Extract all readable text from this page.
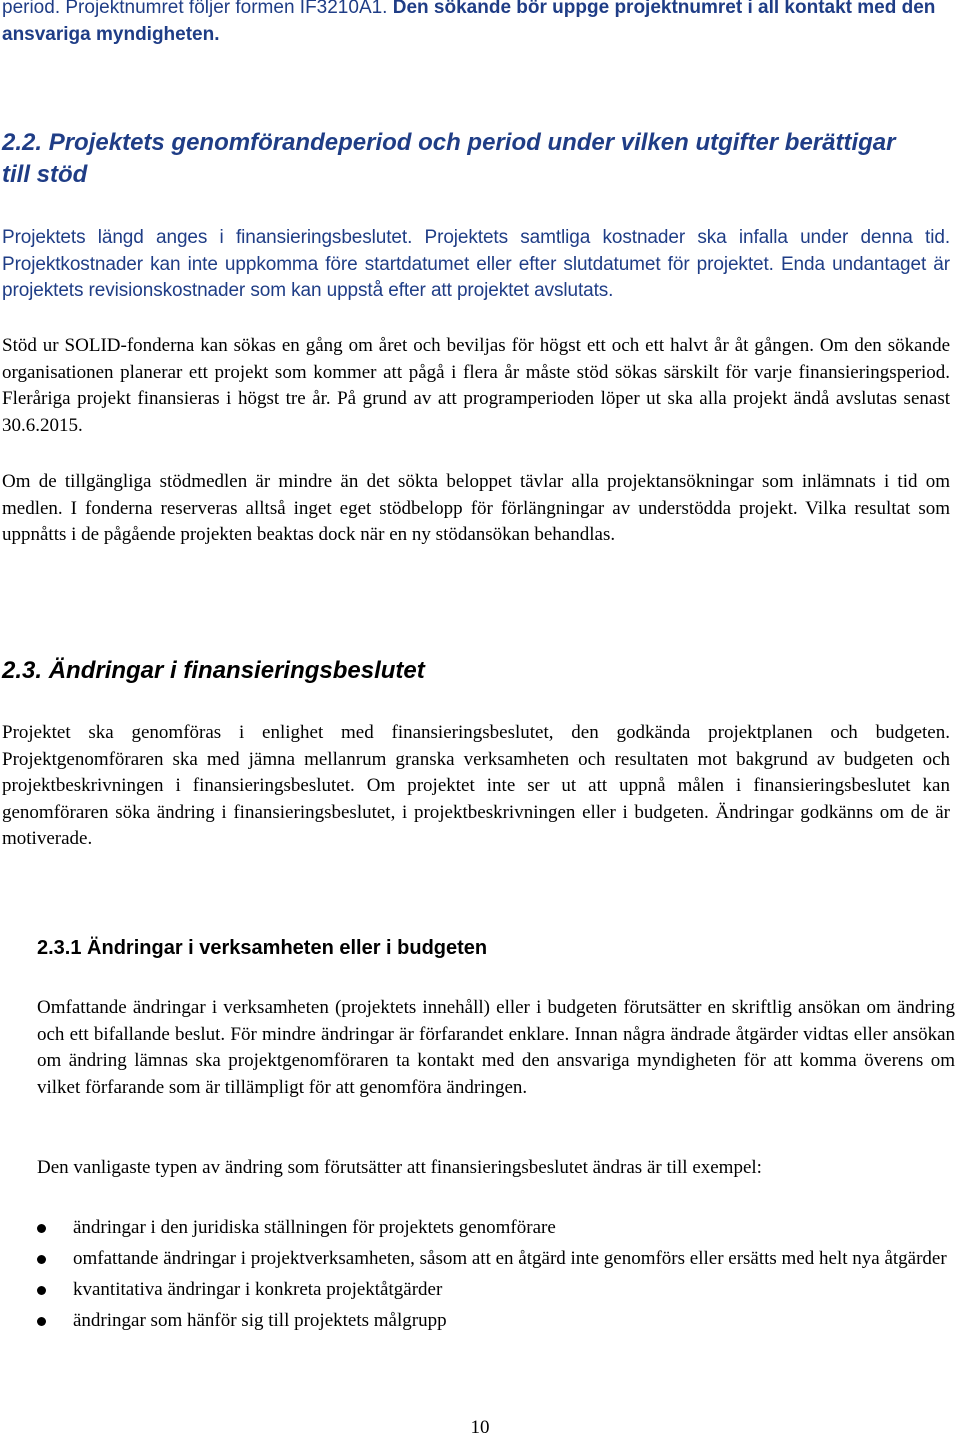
period. Projektnumret följer formen IF3210A1. Den sökande bör uppge projektnumret i all kontakt med den ansvariga myndigheten.

2.2. Projektets genomförandeperiod och period under vilken utgifter berättigar till stöd

Projektets längd anges i finansieringsbeslutet. Projektets samtliga kostnader ska infalla under denna tid. Projektkostnader kan inte uppkomma före startdatumet eller efter slutdatumet för projektet. Enda undantaget är projektets revisionskostnader som kan uppstå efter att projektet avslutats.

Stöd ur SOLID-fonderna kan sökas en gång om året och beviljas för högst ett och ett halvt år åt gången. Om den sökande organisationen planerar ett projekt som kommer att pågå i flera år måste stöd sökas särskilt för varje finansieringsperiod. Fleråriga projekt finansieras i högst tre år. På grund av att programperioden löper ut ska alla projekt ändå avslutas senast 30.6.2015.

Om de tillgängliga stödmedlen är mindre än det sökta beloppet tävlar alla projektansökningar som inlämnats i tid om medlen. I fonderna reserveras alltså inget eget stödbelopp för förlängningar av understödda projekt. Vilka resultat som uppnåtts i de pågående projekten beaktas dock när en ny stödansökan behandlas.

2.3. Ändringar i finansieringsbeslutet

Projektet ska genomföras i enlighet med finansieringsbeslutet, den godkända projektplanen och budgeten. Projektgenomföraren ska med jämna mellanrum granska verksamheten och resultaten mot bakgrund av budgeten och projektbeskrivningen i finansieringsbeslutet. Om projektet inte ser ut att uppnå målen i finansieringsbeslutet kan genomföraren söka ändring i finansieringsbeslutet, i projektbeskrivningen eller i budgeten. Ändringar godkänns om de är motiverade.

2.3.1 Ändringar i verksamheten eller i budgeten

Omfattande ändringar i verksamheten (projektets innehåll) eller i budgeten förutsätter en skriftlig ansökan om ändring och ett bifallande beslut. För mindre ändringar är förfarandet enklare. Innan några ändrade åtgärder vidtas eller ansökan om ändring lämnas ska projektgenomföraren ta kontakt med den ansvariga myndigheten för att komma överens om vilket förfarande som är tillämpligt för att genomföra ändringen.

Den vanligaste typen av ändring som förutsätter att finansieringsbeslutet ändras är till exempel:

ändringar i den juridiska ställningen för projektets genomförare
omfattande ändringar i projektverksamheten, såsom att en åtgärd inte genomförs eller ersätts med helt nya åtgärder
kvantitativa ändringar i konkreta projektåtgärder
ändringar som hänför sig till projektets målgrupp
10
